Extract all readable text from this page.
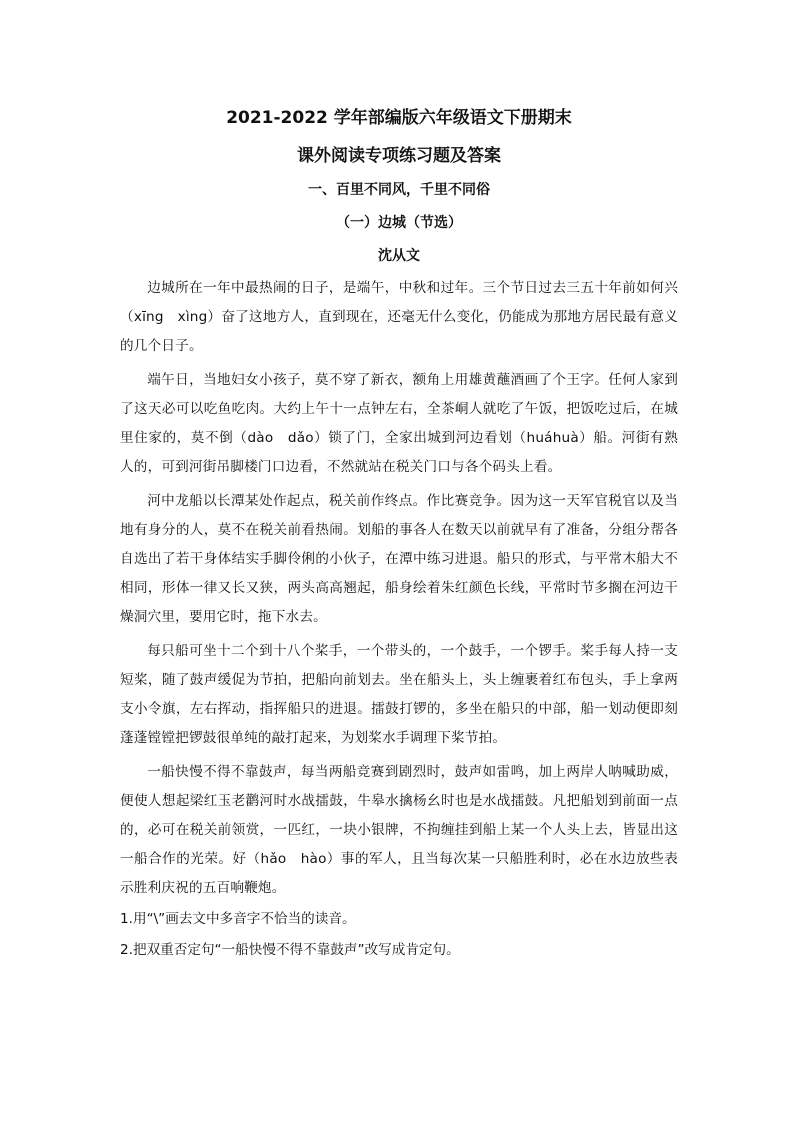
2021-2022 学年部编版六年级语文下册期末

课外阅读专项练习题及答案

一、百里不同风，千里不同俗

（一）边城（节选）

沈从文

边城所在一年中最热闹的日子，是端午，中秋和过年。三个节日过去三五十年前如何兴（xīng　xìng）奋了这地方人，直到现在，还毫无什么变化，仍能成为那地方居民最有意义的几个日子。

端午日，当地妇女小孩子，莫不穿了新衣，额角上用雄黄蘸酒画了个王字。任何人家到了这天必可以吃鱼吃肉。大约上午十一点钟左右，全茶峒人就吃了午饭，把饭吃过后，在城里住家的，莫不倒（dào　dǎo）锁了门，全家出城到河边看划（huáhuà）船。河街有熟人的，可到河街吊脚楼门口边看，不然就站在税关门口与各个码头上看。

河中龙船以长潭某处作起点，税关前作终点。作比赛竞争。因为这一天军官税官以及当地有身分的人，莫不在税关前看热闹。划船的事各人在数天以前就早有了准备，分组分帮各自选出了若干身体结实手脚伶俐的小伙子，在潭中练习进退。船只的形式，与平常木船大不相同，形体一律又长又狭，两头高高翘起，船身绘着朱红颜色长线，平常时节多搁在河边干燥洞穴里，要用它时，拖下水去。

每只船可坐十二个到十八个桨手，一个带头的，一个鼓手，一个锣手。桨手每人持一支短桨，随了鼓声缓促为节拍，把船向前划去。坐在船头上，头上缠裹着红布包头，手上拿两支小令旗，左右挥动，指挥船只的进退。擂鼓打锣的，多坐在船只的中部，船一划动便即刻蓬蓬镗镗把锣鼓很单纯的敲打起来，为划桨水手调理下桨节拍。

一船快慢不得不靠鼓声，每当两船竞赛到剧烈时，鼓声如雷鸣，加上两岸人呐喊助威，便使人想起梁红玉老鹳河时水战擂鼓，牛皋水擒杨幺时也是水战擂鼓。凡把船划到前面一点的，必可在税关前领赏，一匹红，一块小银牌，不拘缠挂到船上某一个人头上去，皆显出这一船合作的光荣。好（hǎo　hào）事的军人，且当每次某一只船胜利时，必在水边放些表示胜利庆祝的五百响鞭炮。

1.用“\”画去文中多音字不恰当的读音。

2.把双重否定句“一船快慢不得不靠鼓声”改写成肯定句。
